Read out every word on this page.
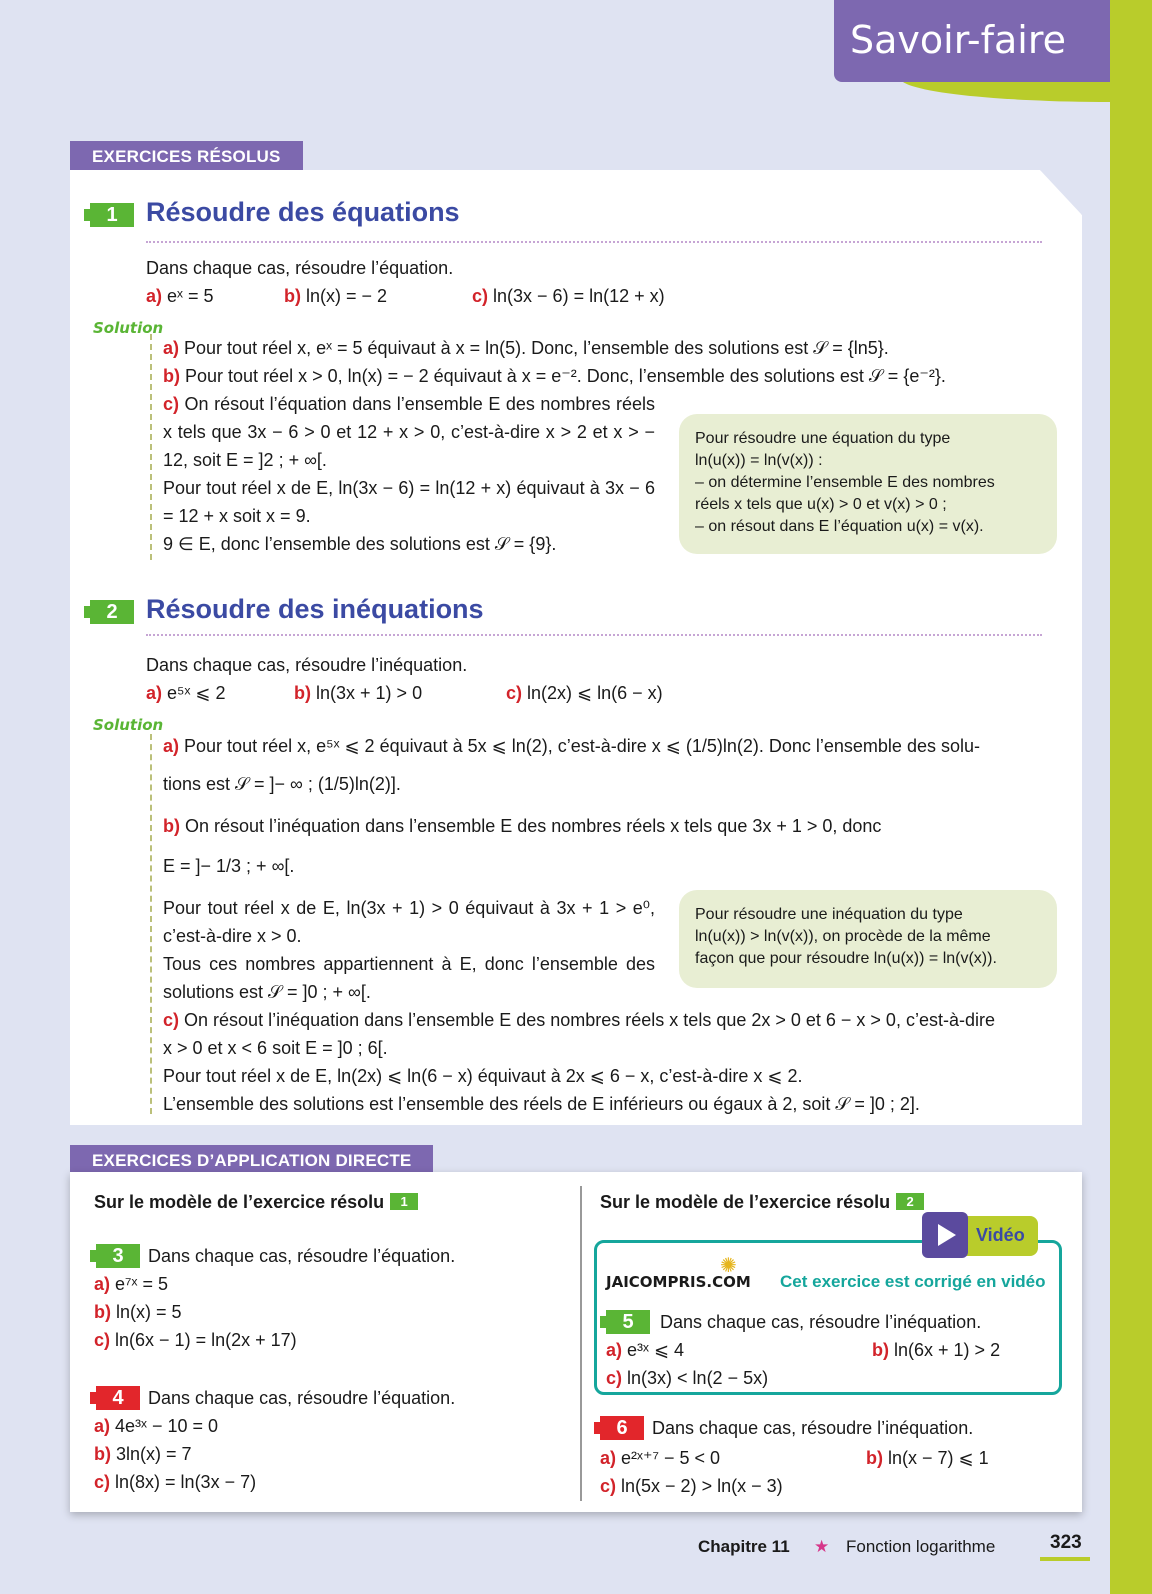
Savoir-faire
EXERCICES RÉSOLUS
1	Résoudre des équations
Dans chaque cas, résoudre l’équation.
a) eˣ = 5	b) ln(x) = − 2	c) ln(3x − 6) = ln(12 + x)
Solution
a) Pour tout réel x, eˣ = 5 équivaut à x = ln(5). Donc, l’ensemble des solutions est 𝒮 = {ln5}.
b) Pour tout réel x > 0, ln(x) = − 2 équivaut à x = e⁻². Donc, l’ensemble des solutions est 𝒮 = {e⁻²}.
c) On résout l’équation dans l’ensemble E des nombres réels x tels que 3x − 6 > 0 et 12 + x > 0, c’est-à-dire x > 2 et x > − 12, soit E = ]2 ; + ∞[.
Pour tout réel x de E, ln(3x − 6) = ln(12 + x) équivaut à 3x − 6 = 12 + x soit x = 9.
9 ∈ E, donc l’ensemble des solutions est 𝒮 = {9}.
Pour résoudre une équation du type
ln(u(x)) = ln(v(x)) :
– on détermine l’ensemble E des nombres
réels x tels que u(x) > 0 et v(x) > 0 ;
– on résout dans E l’équation u(x) = v(x).
2	Résoudre des inéquations
Dans chaque cas, résoudre l’inéquation.
a) e⁵ˣ ⩽ 2	b) ln(3x + 1) > 0	c) ln(2x) ⩽ ln(6 − x)
Solution
a) Pour tout réel x, e⁵ˣ ⩽ 2 équivaut à 5x ⩽ ln(2), c’est-à-dire x ⩽ (1/5)ln(2). Donc l’ensemble des solu-
tions est 𝒮 = ]− ∞ ; (1/5)ln(2)].
b) On résout l’inéquation dans l’ensemble E des nombres réels x tels que 3x + 1 > 0, donc
E = ]− 1/3 ; + ∞[.
Pour tout réel x de E, ln(3x + 1) > 0 équivaut à 3x + 1 > e⁰, c’est-à-dire x > 0.
Tous ces nombres appartiennent à E, donc l’ensemble des solutions est 𝒮 = ]0 ; + ∞[.
c) On résout l’inéquation dans l’ensemble E des nombres réels x tels que 2x > 0 et 6 − x > 0, c’est-à-dire
x > 0 et x < 6 soit E = ]0 ; 6[.
Pour tout réel x de E, ln(2x) ⩽ ln(6 − x) équivaut à 2x ⩽ 6 − x, c’est-à-dire x ⩽ 2.
L’ensemble des solutions est l’ensemble des réels de E inférieurs ou égaux à 2, soit 𝒮 = ]0 ; 2].
Pour résoudre une inéquation du type
ln(u(x)) > ln(v(x)), on procède de la même
façon que pour résoudre ln(u(x)) = ln(v(x)).
EXERCICES D’APPLICATION DIRECTE
Sur le modèle de l’exercice résolu 1
3	Dans chaque cas, résoudre l’équation.
a) e⁷ˣ = 5
b) ln(x) = 5
c) ln(6x − 1) = ln(2x + 17)
4	Dans chaque cas, résoudre l’équation.
a) 4e³ˣ − 10 = 0
b) 3ln(x) = 7
c) ln(8x) = ln(3x − 7)
Sur le modèle de l’exercice résolu 2
Vidéo
JAICOMPRIS.COM
✺
Cet exercice est corrigé en vidéo
5	Dans chaque cas, résoudre l’inéquation.
a) e³ˣ ⩽ 4	b) ln(6x + 1) > 2
c) ln(3x) < ln(2 − 5x)
6	Dans chaque cas, résoudre l’inéquation.
a) e²ˣ⁺⁷ − 5 < 0	b) ln(x − 7) ⩽ 1
c) ln(5x − 2) > ln(x − 3)
Chapitre 11 ★ Fonction logarithme	323
